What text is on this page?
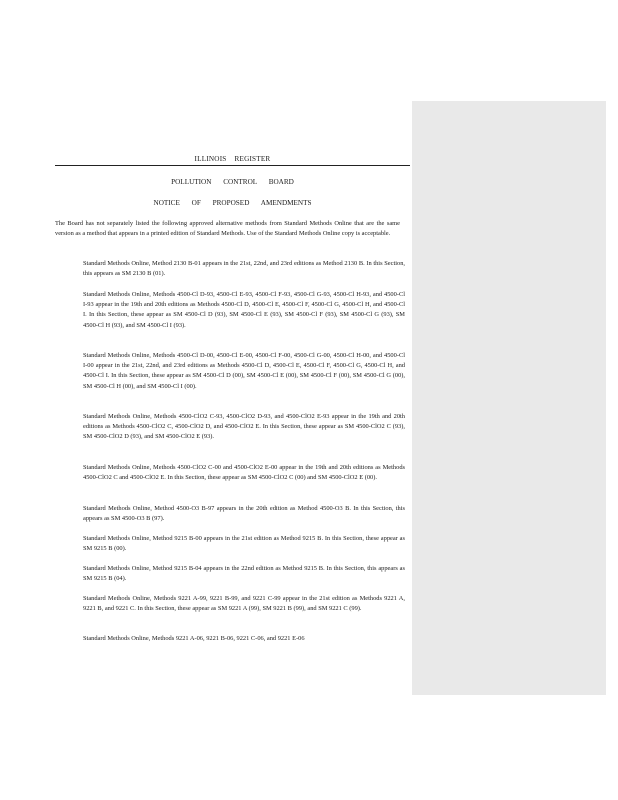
ILLINOIS REGISTER
POLLUTION CONTROL BOARD
NOTICE OF PROPOSED AMENDMENTS
The Board has not separately listed the following approved alternative methods from Standard Methods Online that are the same version as a method that appears in a printed edition of Standard Methods. Use of the Standard Methods Online copy is acceptable.
Standard Methods Online, Method 2130 B-01 appears in the 21st, 22nd, and 23rd editions as Method 2130 B. In this Section, this appears as SM 2130 B (01).
Standard Methods Online, Methods 4500-Cl D-93, 4500-Cl E-93, 4500-Cl F-93, 4500-Cl G-93, 4500-Cl H-93, and 4500-Cl I-93 appear in the 19th and 20th editions as Methods 4500-Cl D, 4500-Cl E, 4500-Cl F, 4500-Cl G, 4500-Cl H, and 4500-Cl I. In this Section, these appear as SM 4500-Cl D (93), SM 4500-Cl E (93), SM 4500-Cl F (93), SM 4500-Cl G (93), SM 4500-Cl H (93), and SM 4500-Cl I (93).
Standard Methods Online, Methods 4500-Cl D-00, 4500-Cl E-00, 4500-Cl F-00, 4500-Cl G-00, 4500-Cl H-00, and 4500-Cl I-00 appear in the 21st, 22nd, and 23rd editions as Methods 4500-Cl D, 4500-Cl E, 4500-Cl F, 4500-Cl G, 4500-Cl H, and 4500-Cl I. In this Section, these appear as SM 4500-Cl D (00), SM 4500-Cl E (00), SM 4500-Cl F (00), SM 4500-Cl G (00), SM 4500-Cl H (00), and SM 4500-Cl I (00).
Standard Methods Online, Methods 4500-ClO2 C-93, 4500-ClO2 D-93, and 4500-ClO2 E-93 appear in the 19th and 20th editions as Methods 4500-ClO2 C, 4500-ClO2 D, and 4500-ClO2 E. In this Section, these appear as SM 4500-ClO2 C (93), SM 4500-ClO2 D (93), and SM 4500-ClO2 E (93).
Standard Methods Online, Methods 4500-ClO2 C-00 and 4500-ClO2 E-00 appear in the 19th and 20th editions as Methods 4500-ClO2 C and 4500-ClO2 E. In this Section, these appear as SM 4500-ClO2 C (00) and SM 4500-ClO2 E (00).
Standard Methods Online, Method 4500-O3 B-97 appears in the 20th edition as Method 4500-O3 B. In this Section, this appears as SM 4500-O3 B (97).
Standard Methods Online, Method 9215 B-00 appears in the 21st edition as Method 9215 B. In this Section, these appear as SM 9215 B (00).
Standard Methods Online, Method 9215 B-04 appears in the 22nd edition as Method 9215 B. In this Section, this appears as SM 9215 B (04).
Standard Methods Online, Methods 9221 A-99, 9221 B-99, and 9221 C-99 appear in the 21st edition as Methods 9221 A, 9221 B, and 9221 C. In this Section, these appear as SM 9221 A (99), SM 9221 B (99), and SM 9221 C (99).
Standard Methods Online, Methods 9221 A-06, 9221 B-06, 9221 C-06, and 9221 E-06
